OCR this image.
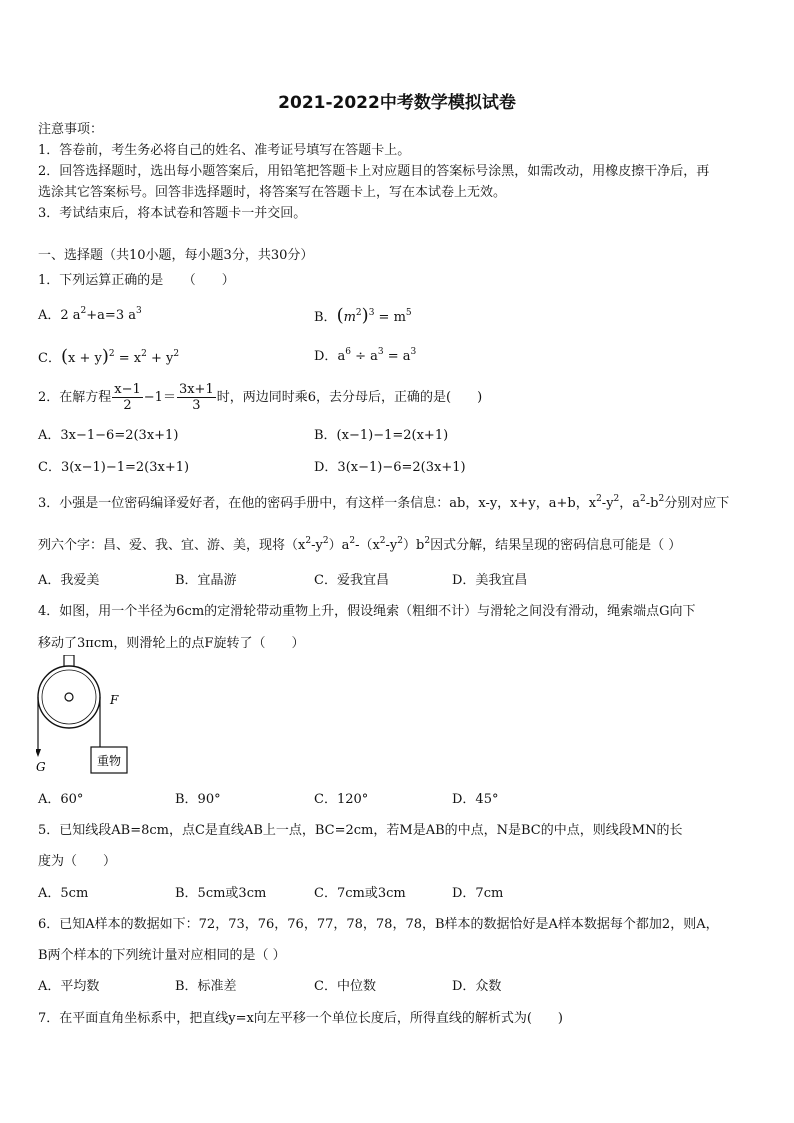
2021-2022中考数学模拟试卷
注意事项：
1．答卷前，考生务必将自己的姓名、准考证号填写在答题卡上。
2．回答选择题时，选出每小题答案后，用铅笔把答题卡上对应题目的答案标号涂黑，如需改动，用橡皮擦干净后，再
选涂其它答案标号。回答非选择题时，将答案写在答题卡上，写在本试卷上无效。
3．考试结束后，将本试卷和答题卡一并交回。
一、选择题（共10小题，每小题3分，共30分）
1．下列运算正确的是　　（　　）
A．2 $a^2+a=3$ $a^3$	B．$(m^2)^3 = m^5$
C．$(x + y)^2 = x^2 + y^2$	D．$a^6 \div a^3 = a^3$
2．在解方程 $\frac{x-1}{2} -1= \frac{3x+1}{3}$ 时，两边同时乘6，去分母后，正确的是(　　)
A．3x−1−6=2(3x+1)	B．(x−1)−1=2(x+1)
C．3(x−1)−1=2(3x+1)	D．3(x−1)−6=2(3x+1)
3．小强是一位密码编译爱好者，在他的密码手册中，有这样一条信息：ab，x-y，x+y，a+b，$x^2-y^2$，$a^2-b^2$分别对应下
列六个字：昌、爱、我、宜、游、美，现将$(x^2-y^2)a^2-(x^2-y^2)b^2$因式分解，结果呈现的密码信息可能是（ ）
A．我爱美	B．宜晶游	C．爱我宜昌	D．美我宜昌
4．如图，用一个半径为6cm的定滑轮带动重物上升，假设绳索（粗细不计）与滑轮之间没有滑动，绳索端点G向下
移动了3πcm，则滑轮上的点F旋转了（　　）
重物
F
G
A．60°	B．90°	C．120°	D．45°
5．已知线段AB=8cm，点C是直线AB上一点，BC=2cm，若M是AB的中点，N是BC的中点，则线段MN的长
度为（　　）
A．5cm	B．5cm或3cm	C．7cm或3cm	D．7cm
6．已知A样本的数据如下：72，73，76，76，77，78，78，78，B样本的数据恰好是A样本数据每个都加2，则A，
B两个样本的下列统计量对应相同的是（ ）
A．平均数	B．标准差	C．中位数	D．众数
7．在平面直角坐标系中，把直线y=x向左平移一个单位长度后，所得直线的解析式为(　　)
